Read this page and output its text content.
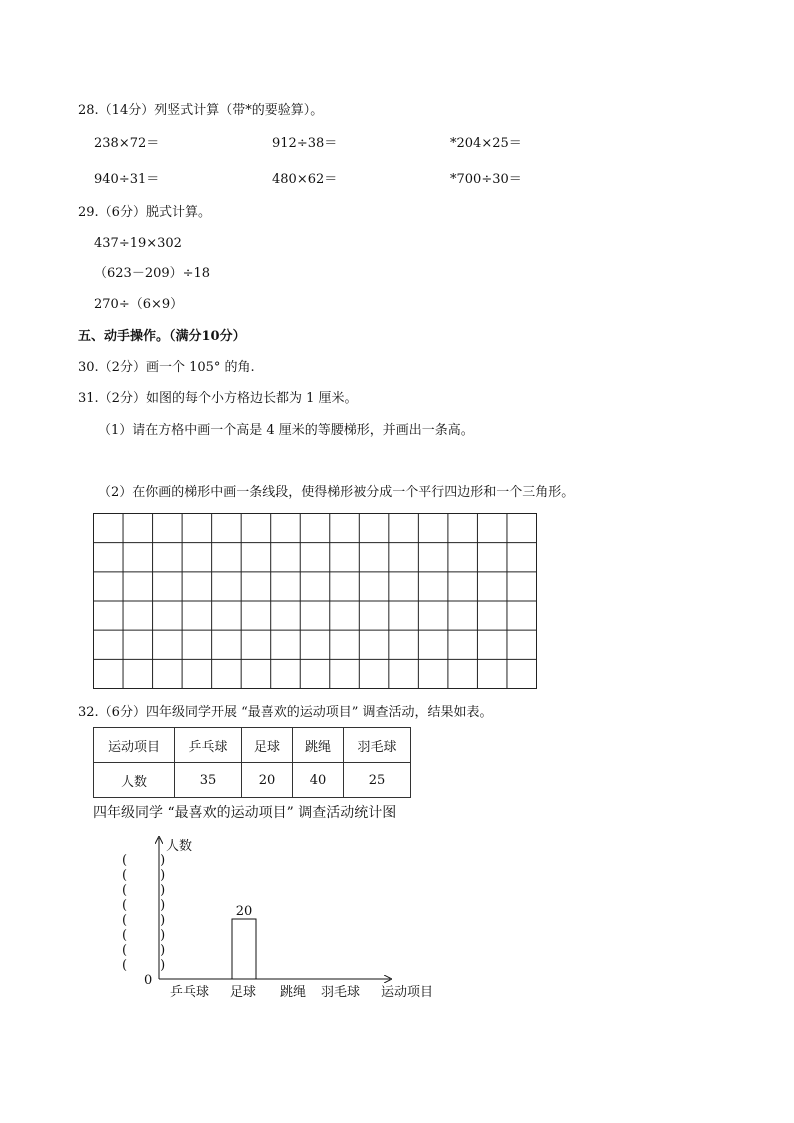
28.（14分）列竖式计算（带*的要验算）。
238×72＝	912÷38＝	*204×25＝
940÷31＝	480×62＝	*700÷30＝
29.（6分）脱式计算。
437÷19×302
（623－209）÷18
270÷（6×9）
五、动手操作。（满分10分）
30.（2分）画一个 105° 的角.
31.（2分）如图的每个小方格边长都为 1 厘米。
（1）请在方格中画一个高是 4 厘米的等腰梯形，并画出一条高。
（2）在你画的梯形中画一条线段，使得梯形被分成一个平行四边形和一个三角形。
32.（6分）四年级同学开展 “最喜欢的运动项目” 调查活动，结果如表。
运动项目	乒乓球	足球	跳绳	羽毛球
人数	35	20	40	25
四年级同学 “最喜欢的运动项目” 调查活动统计图
人数
运动项目
0
(        )
(        )
(        )
(        )
(        )
(        )
(        )
(        )
乒乓球 足球 跳绳 羽毛球
20
